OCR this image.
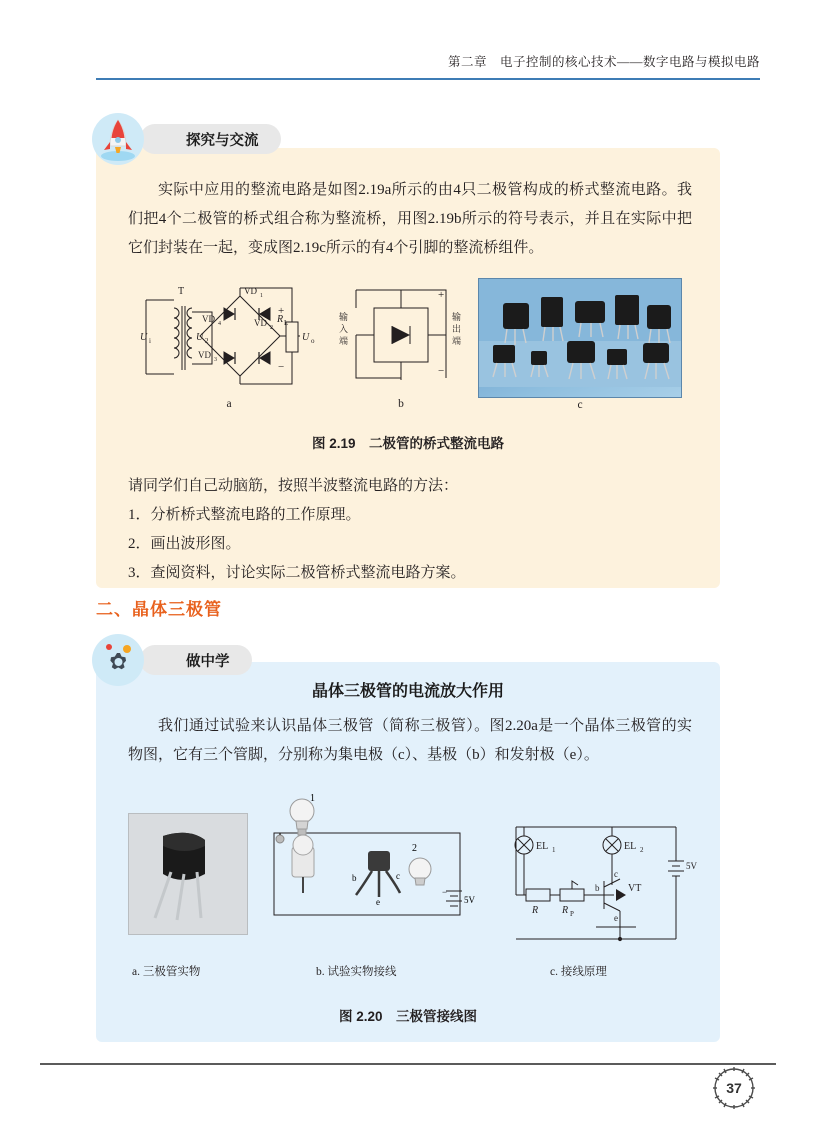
第二章　电子控制的核心技术——数字电路与模拟电路
探究与交流
实际中应用的整流电路是如图2.19a所示的由4只二极管构成的桥式整流电路。我们把4个二极管的桥式组合称为整流桥，用图2.19b所示的符号表示，并且在实际中把它们封装在一起，变成图2.19c所示的有4个引脚的整流桥组件。
T
U i	U 2
VD 1
VD 4	VD 2
VD 3
R L
U o
+
−
a
输
入
端
输
出
端
+
−
b	c
图 2.19　二极管的桥式整流电路
请同学们自己动脑筋，按照半波整流电路的方法：
1．分析桥式整流电路的工作原理。
2．画出波形图。
3．查阅资料，讨论实际二极管桥式整流电路方案。
二、晶体三极管
做中学
晶体三极管的电流放大作用
我们通过试验来认识晶体三极管（简称三极管）。图2.20a是一个晶体三极管的实物图，它有三个管脚，分别称为集电极（c）、基极（b）和发射极（e）。
a. 三极管实物
1
b	c
e
2
−
5V
b. 试验实物接线
EL 1	EL 2
R R P
VT
b
c
e
5V
c. 接线原理
图 2.20　三极管接线图
37
